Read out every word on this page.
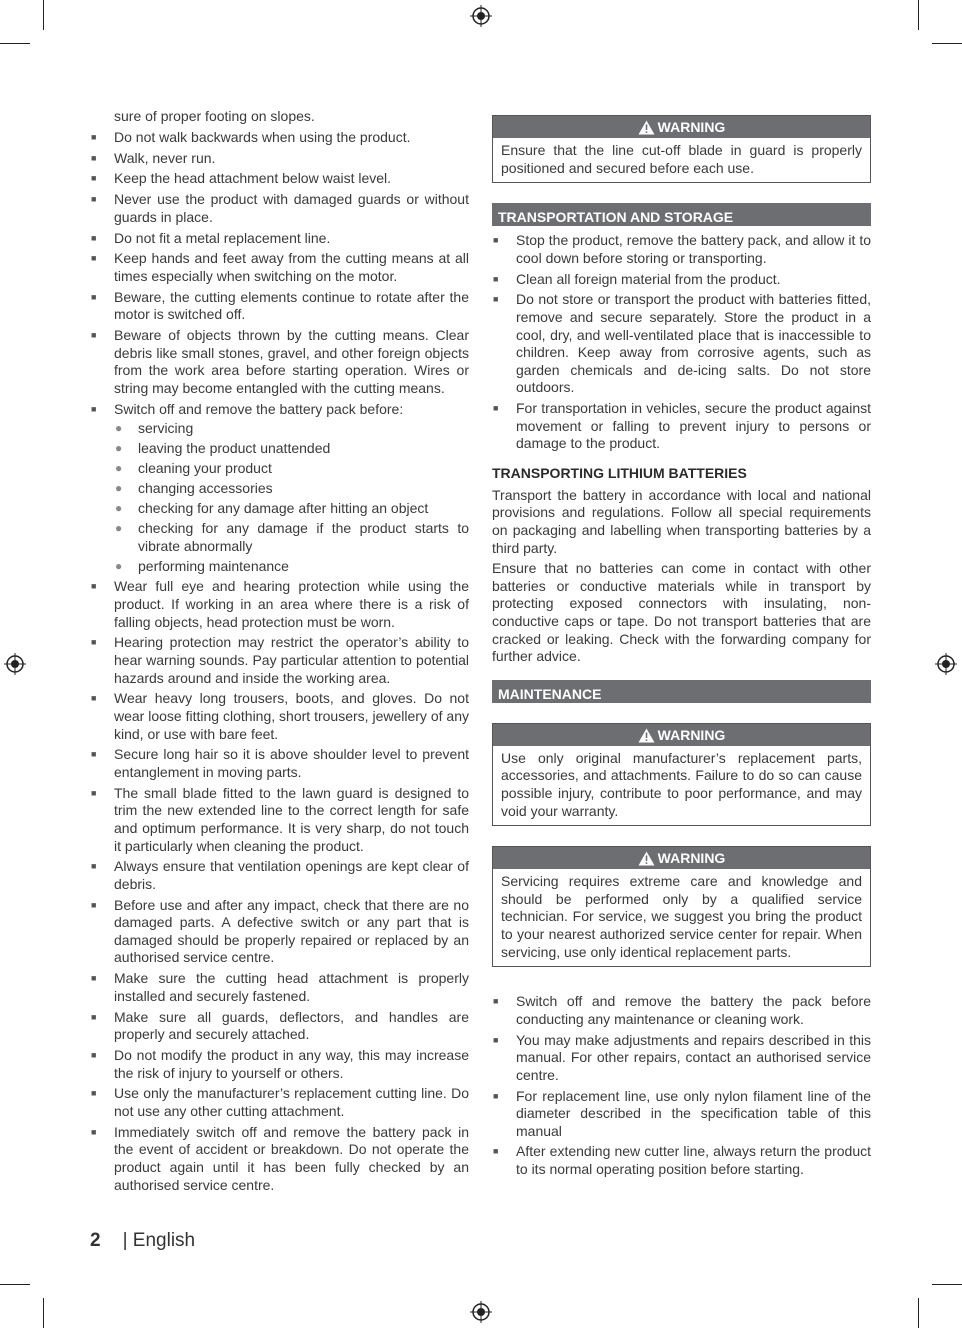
sure of proper footing on slopes.
■ Do not walk backwards when using the product.
■ Walk, never run.
■ Keep the head attachment below waist level.
■ Never use the product with damaged guards or without guards in place.
■ Do not fit a metal replacement line.
■ Keep hands and feet away from the cutting means at all times especially when switching on the motor.
■ Beware, the cutting elements continue to rotate after the motor is switched off.
■ Beware of objects thrown by the cutting means. Clear debris like small stones, gravel, and other foreign objects from the work area before starting operation. Wires or string may become entangled with the cutting means.
■ Switch off and remove the battery pack before:
● servicing
● leaving the product unattended
● cleaning your product
● changing accessories
● checking for any damage after hitting an object
● checking for any damage if the product starts to vibrate abnormally
● performing maintenance
■ Wear full eye and hearing protection while using the product. If working in an area where there is a risk of falling objects, head protection must be worn.
■ Hearing protection may restrict the operator’s ability to hear warning sounds. Pay particular attention to potential hazards around and inside the working area.
■ Wear heavy long trousers, boots, and gloves. Do not wear loose fitting clothing, short trousers, jewellery of any kind, or use with bare feet.
■ Secure long hair so it is above shoulder level to prevent entanglement in moving parts.
■ The small blade fitted to the lawn guard is designed to trim the new extended line to the correct length for safe and optimum performance. It is very sharp, do not touch it particularly when cleaning the product.
■ Always ensure that ventilation openings are kept clear of debris.
■ Before use and after any impact, check that there are no damaged parts. A defective switch or any part that is damaged should be properly repaired or replaced by an authorised service centre.
■ Make sure the cutting head attachment is properly installed and securely fastened.
■ Make sure all guards, deflectors, and handles are properly and securely attached.
■ Do not modify the product in any way, this may increase the risk of injury to yourself or others.
■ Use only the manufacturer’s replacement cutting line. Do not use any other cutting attachment.
■ Immediately switch off and remove the battery pack in the event of accident or breakdown. Do not operate the product again until it has been fully checked by an authorised service centre.
WARNING
Ensure that the line cut-off blade in guard is properly positioned and secured before each use.
TRANSPORTATION AND STORAGE
■ Stop the product, remove the battery pack, and allow it to cool down before storing or transporting.
■ Clean all foreign material from the product.
■ Do not store or transport the product with batteries fitted, remove and secure separately. Store the product in a cool, dry, and well-ventilated place that is inaccessible to children. Keep away from corrosive agents, such as garden chemicals and de-icing salts. Do not store outdoors.
■ For transportation in vehicles, secure the product against movement or falling to prevent injury to persons or damage to the product.
TRANSPORTING LITHIUM BATTERIES

Transport the battery in accordance with local and national provisions and regulations. Follow all special requirements on packaging and labelling when transporting batteries by a third party.

Ensure that no batteries can come in contact with other batteries or conductive materials while in transport by protecting exposed connectors with insulating, non-conductive caps or tape. Do not transport batteries that are cracked or leaking. Check with the forwarding company for further advice.

MAINTENANCE
WARNING
Use only original manufacturer’s replacement parts, accessories, and attachments. Failure to do so can cause possible injury, contribute to poor performance, and may void your warranty.
WARNING
Servicing requires extreme care and knowledge and should be performed only by a qualified service technician. For service, we suggest you bring the product to your nearest authorized service center for repair. When servicing, use only identical replacement parts.
■ Switch off and remove the battery the pack before conducting any maintenance or cleaning work.
■ You may make adjustments and repairs described in this manual. For other repairs, contact an authorised service centre.
■ For replacement line, use only nylon filament line of the diameter described in the specification table of this manual
■ After extending new cutter line, always return the product to its normal operating position before starting.
2 | English
